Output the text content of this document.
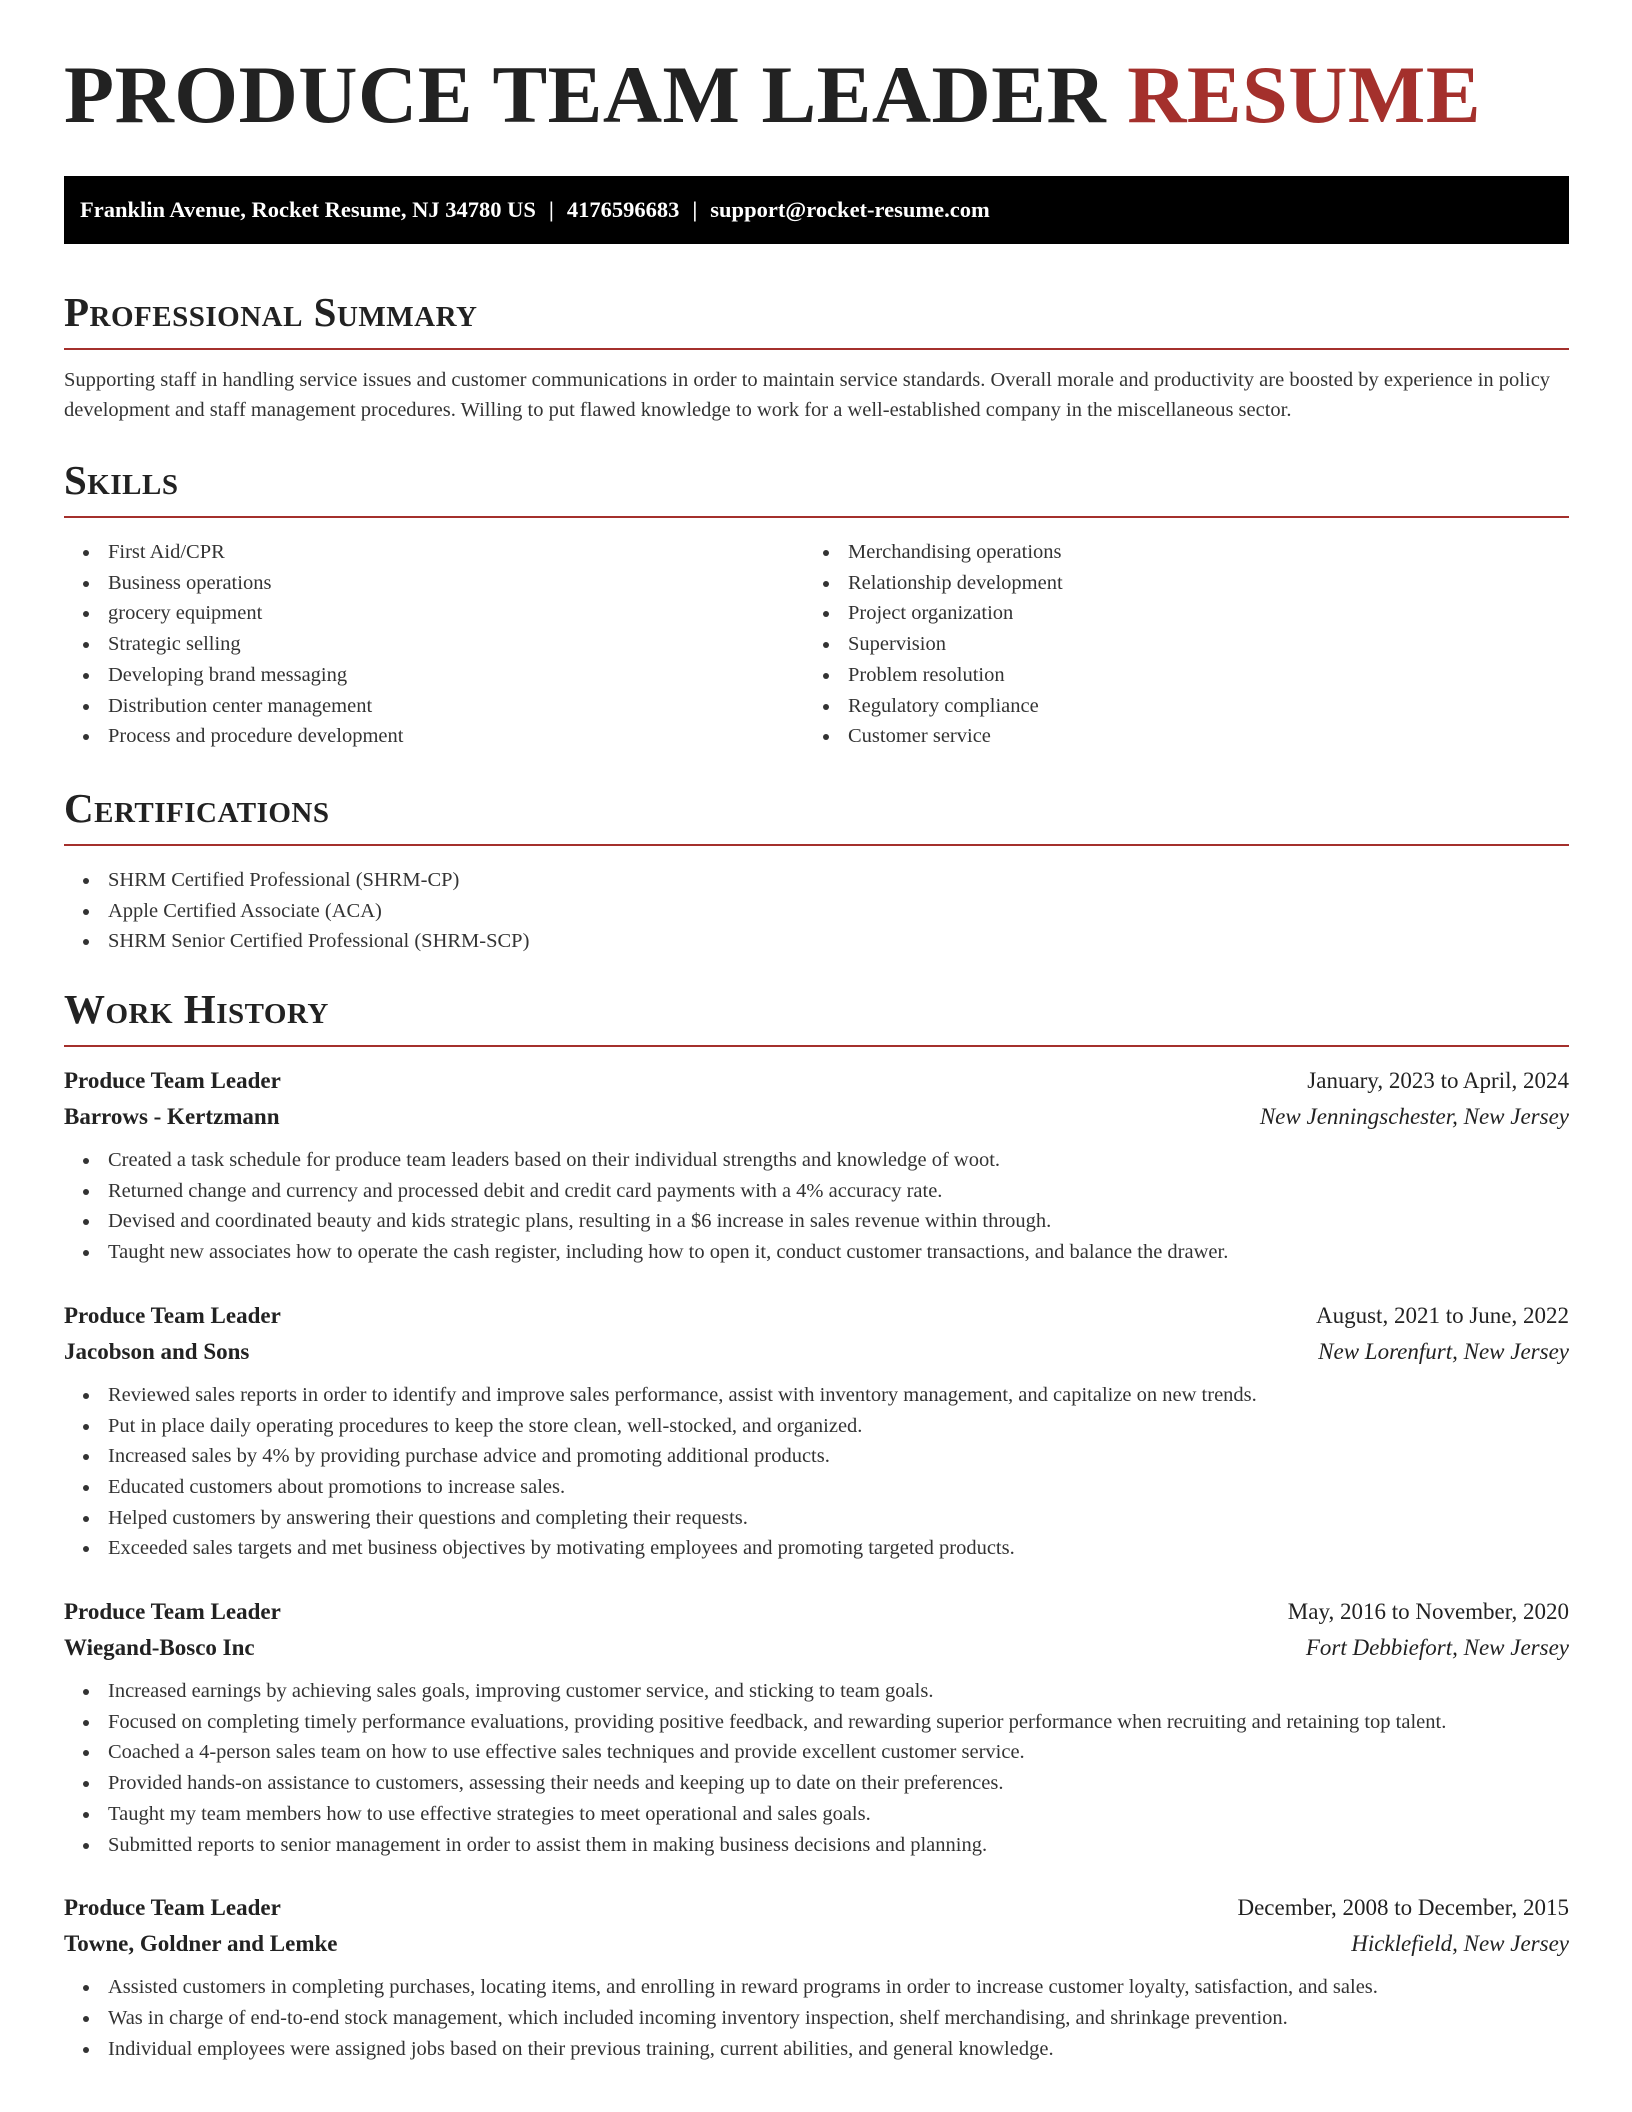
PRODUCE TEAM LEADER RESUME
Franklin Avenue, Rocket Resume, NJ 34780 US | 4176596683 | support@rocket-resume.com
Professional Summary

Supporting staff in handling service issues and customer communications in order to maintain service standards. Overall morale and productivity are boosted by experience in policy development and staff management procedures. Willing to put flawed knowledge to work for a well-established company in the miscellaneous sector.

Skills
First Aid/CPR
Business operations
grocery equipment
Strategic selling
Developing brand messaging
Distribution center management
Process and procedure development
Merchandising operations
Relationship development
Project organization
Supervision
Problem resolution
Regulatory compliance
Customer service
Certifications
SHRM Certified Professional (SHRM-CP)
Apple Certified Associate (ACA)
SHRM Senior Certified Professional (SHRM-SCP)
Work History
Produce Team Leader	January, 2023 to April, 2024
Barrows - Kertzmann	New Jenningschester, New Jersey
Created a task schedule for produce team leaders based on their individual strengths and knowledge of woot.
Returned change and currency and processed debit and credit card payments with a 4% accuracy rate.
Devised and coordinated beauty and kids strategic plans, resulting in a $6 increase in sales revenue within through.
Taught new associates how to operate the cash register, including how to open it, conduct customer transactions, and balance the drawer.
Produce Team Leader	August, 2021 to June, 2022
Jacobson and Sons	New Lorenfurt, New Jersey
Reviewed sales reports in order to identify and improve sales performance, assist with inventory management, and capitalize on new trends.
Put in place daily operating procedures to keep the store clean, well-stocked, and organized.
Increased sales by 4% by providing purchase advice and promoting additional products.
Educated customers about promotions to increase sales.
Helped customers by answering their questions and completing their requests.
Exceeded sales targets and met business objectives by motivating employees and promoting targeted products.
Produce Team Leader	May, 2016 to November, 2020
Wiegand-Bosco Inc	Fort Debbiefort, New Jersey
Increased earnings by achieving sales goals, improving customer service, and sticking to team goals.
Focused on completing timely performance evaluations, providing positive feedback, and rewarding superior performance when recruiting and retaining top talent.
Coached a 4-person sales team on how to use effective sales techniques and provide excellent customer service.
Provided hands-on assistance to customers, assessing their needs and keeping up to date on their preferences.
Taught my team members how to use effective strategies to meet operational and sales goals.
Submitted reports to senior management in order to assist them in making business decisions and planning.
Produce Team Leader	December, 2008 to December, 2015
Towne, Goldner and Lemke	Hicklefield, New Jersey
Assisted customers in completing purchases, locating items, and enrolling in reward programs in order to increase customer loyalty, satisfaction, and sales.
Was in charge of end-to-end stock management, which included incoming inventory inspection, shelf merchandising, and shrinkage prevention.
Individual employees were assigned jobs based on their previous training, current abilities, and general knowledge.
